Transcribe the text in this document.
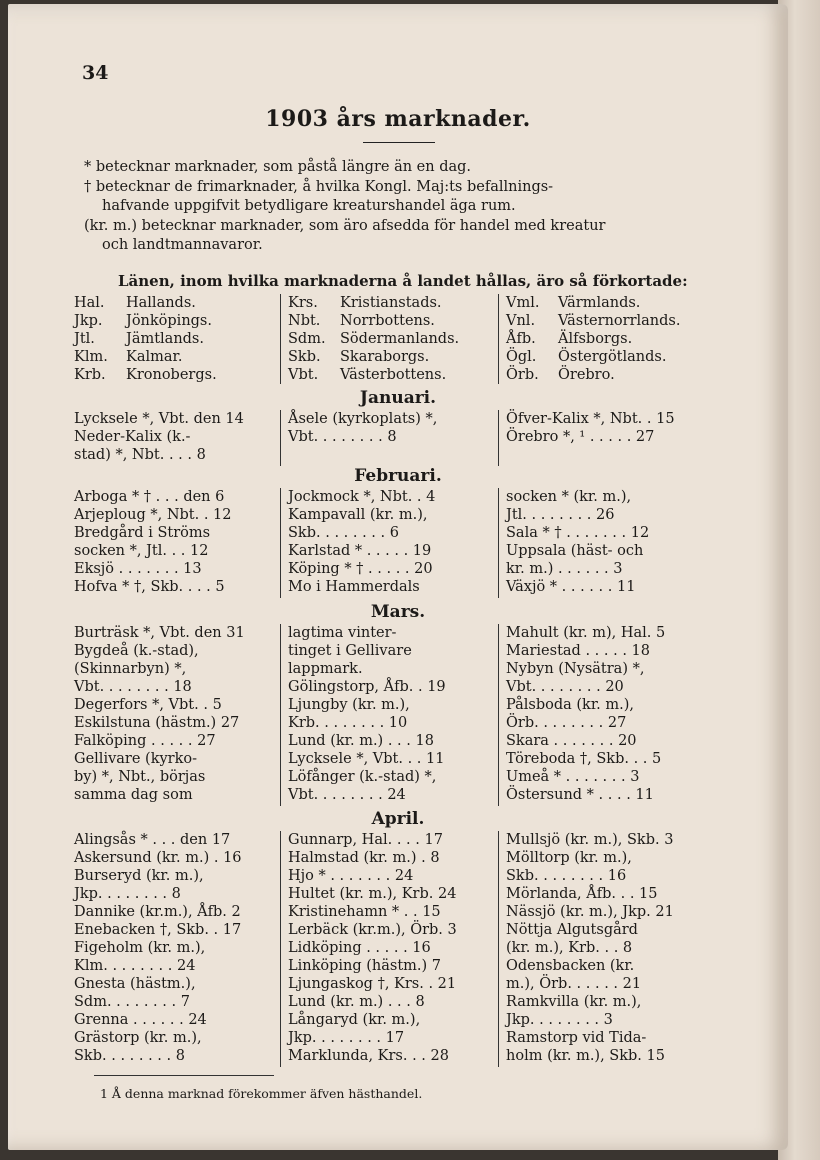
34
1903 års marknader.
* betecknar marknader, som påstå längre än en dag.
† betecknar de frimarknader, å hvilka Kongl. Maj:ts befallnings-
hafvande uppgifvit betydligare kreaturshandel äga rum.
(kr. m.) betecknar marknader, som äro afsedda för handel med kreatur
och landtmannavaror.
Länen, inom hvilka marknaderna å landet hållas, äro så förkortade:
Hal.	Hallands.
Jkp.	Jönköpings.
Jtl.	Jämtlands.
Klm.	Kalmar.
Krb.	Kronobergs.
Krs.	Kristianstads.
Nbt.	Norrbottens.
Sdm. Södermanlands.
Skb.	Skaraborgs.
Vbt.	Västerbottens.
Vml.	Värmlands.
Vnl.	Västernorrlands.
Åfb.	Älfsborgs.
Ögl.	Östergötlands.
Örb.	Örebro.
Januari.
Lycksele *, Vbt. den 14
Neder-Kalix (k.-
stad) *, Nbt. . . . 8
Åsele (kyrkoplats) *,
Vbt. . . . . . . . 8
Öfver-Kalix *, Nbt. . 15
Örebro *, ¹ . . . . . 27
Februari.
Arboga * † . . . den 6
Arjeploug *, Nbt. . 12
Bredgård i Ströms
socken *, Jtl. . . 12
Eksjö . . . . . . . 13
Hofva * †, Skb. . . . 5
Jockmock *, Nbt. . 4
Kampavall (kr. m.),
Skb. . . . . . . . 6
Karlstad * . . . . . 19
Köping * † . . . . . 20
Mo i Hammerdals
socken * (kr. m.),
Jtl. . . . . . . . 26
Sala * † . . . . . . . 12
Uppsala (häst- och
kr. m.) . . . . . . 3
Växjö * . . . . . . 11
Mars.
Burträsk *, Vbt. den 31
Bygdeå (k.-stad),
(Skinnarbyn) *,
Vbt. . . . . . . . 18
Degerfors *, Vbt. . 5
Eskilstuna (hästm.) 27
Falköping . . . . . 27
Gellivare (kyrko-
by) *, Nbt., börjas
samma dag som
lagtima vinter-
tinget i Gellivare
lappmark.
Gölingstorp, Åfb. . 19
Ljungby (kr. m.),
Krb. . . . . . . . 10
Lund (kr. m.) . . . 18
Lycksele *, Vbt. . . 11
Löfånger (k.-stad) *,
Vbt. . . . . . . . 24
Mahult (kr. m), Hal. 5
Mariestad . . . . . 18
Nybyn (Nysätra) *,
Vbt. . . . . . . . 20
Pålsboda (kr. m.),
Örb. . . . . . . . 27
Skara . . . . . . . 20
Töreboda †, Skb. . . 5
Umeå * . . . . . . . 3
Östersund * . . . . 11
April.
Alingsås * . . . den 17
Askersund (kr. m.) . 16
Burseryd (kr. m.),
Jkp. . . . . . . . 8
Dannike (kr.m.), Åfb. 2
Enebacken †, Skb. . 17
Figeholm (kr. m.),
Klm. . . . . . . . 24
Gnesta (hästm.),
Sdm. . . . . . . . 7
Grenna . . . . . . 24
Grästorp (kr. m.),
Skb. . . . . . . . 8
Gunnarp, Hal. . . . 17
Halmstad (kr. m.) . 8
Hjo * . . . . . . . 24
Hultet (kr. m.), Krb. 24
Kristinehamn * . . 15
Lerbäck (kr.m.), Örb. 3
Lidköping . . . . . 16
Linköping (hästm.) 7
Ljungaskog †, Krs. . 21
Lund (kr. m.) . . . 8
Långaryd (kr. m.),
Jkp. . . . . . . . 17
Marklunda, Krs. . . 28
Mullsjö (kr. m.), Skb. 3
Mölltorp (kr. m.),
Skb. . . . . . . . 16
Mörlanda, Åfb. . . 15
Nässjö (kr. m.), Jkp. 21
Nöttja Algutsgård
(kr. m.), Krb. . . 8
Odensbacken (kr.
m.), Örb. . . . . . 21
Ramkvilla (kr. m.),
Jkp. . . . . . . . 3
Ramstorp vid Tida-
holm (kr. m.), Skb. 15
1 Å denna marknad förekommer äfven hästhandel.
